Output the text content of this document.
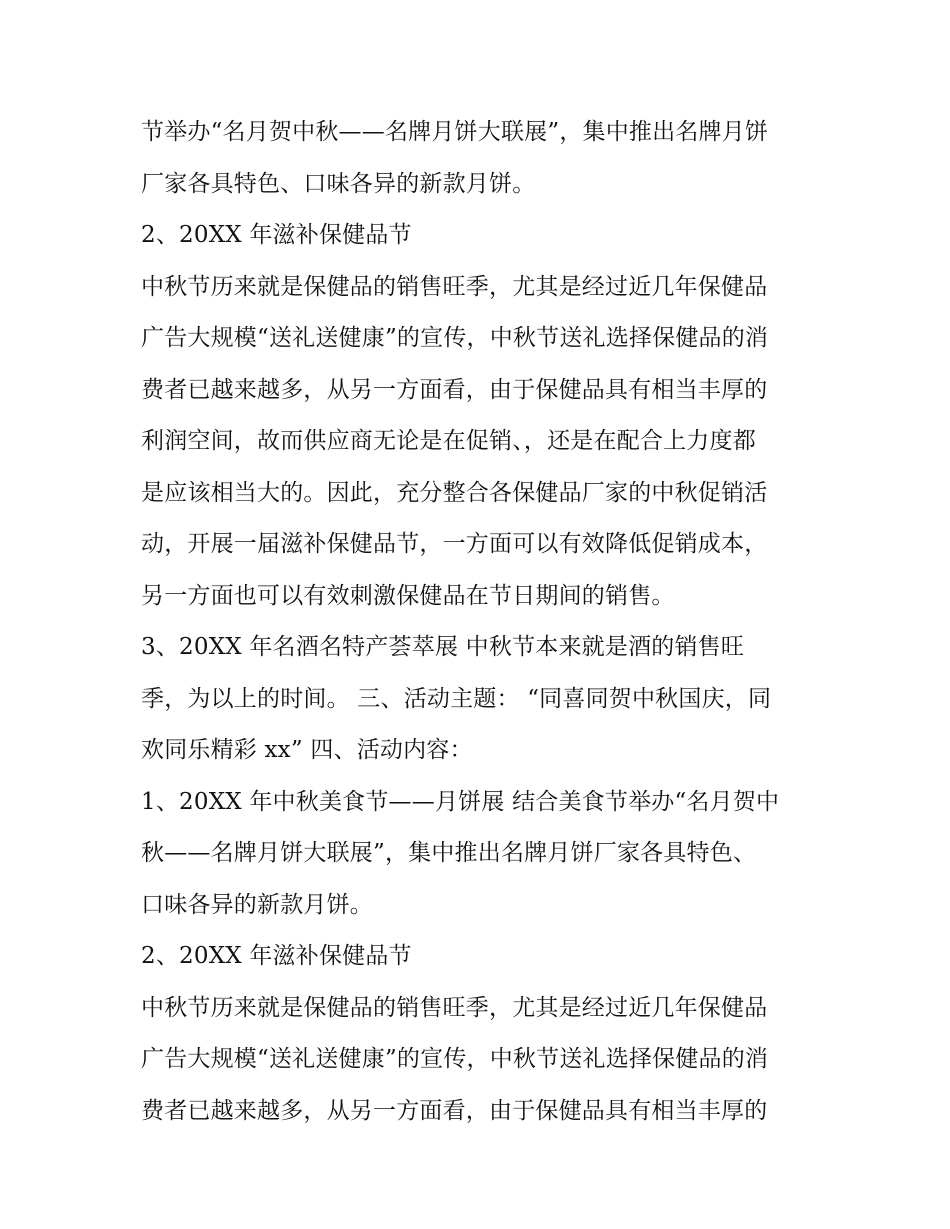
节举办“名月贺中秋——名牌月饼大联展”，集中推出名牌月饼
厂家各具特色、口味各异的新款月饼。
2、20XX 年滋补保健品节
中秋节历来就是保健品的销售旺季，尤其是经过近几年保健品
广告大规模“送礼送健康”的宣传，中秋节送礼选择保健品的消
费者已越来越多，从另一方面看，由于保健品具有相当丰厚的
利润空间，故而供应商无论是在促销、，还是在配合上力度都
是应该相当大的。因此，充分整合各保健品厂家的中秋促销活
动，开展一届滋补保健品节，一方面可以有效降低促销成本，
另一方面也可以有效刺激保健品在节日期间的销售。
3、20XX 年名酒名特产荟萃展 中秋节本来就是酒的销售旺
季，为以上的时间。 三、活动主题： “同喜同贺中秋国庆，同
欢同乐精彩 xx” 四、活动内容：
1、20XX 年中秋美食节——月饼展 结合美食节举办“名月贺中
秋——名牌月饼大联展”，集中推出名牌月饼厂家各具特色、
口味各异的新款月饼。
2、20XX 年滋补保健品节
中秋节历来就是保健品的销售旺季，尤其是经过近几年保健品
广告大规模“送礼送健康”的宣传，中秋节送礼选择保健品的消
费者已越来越多，从另一方面看，由于保健品具有相当丰厚的
